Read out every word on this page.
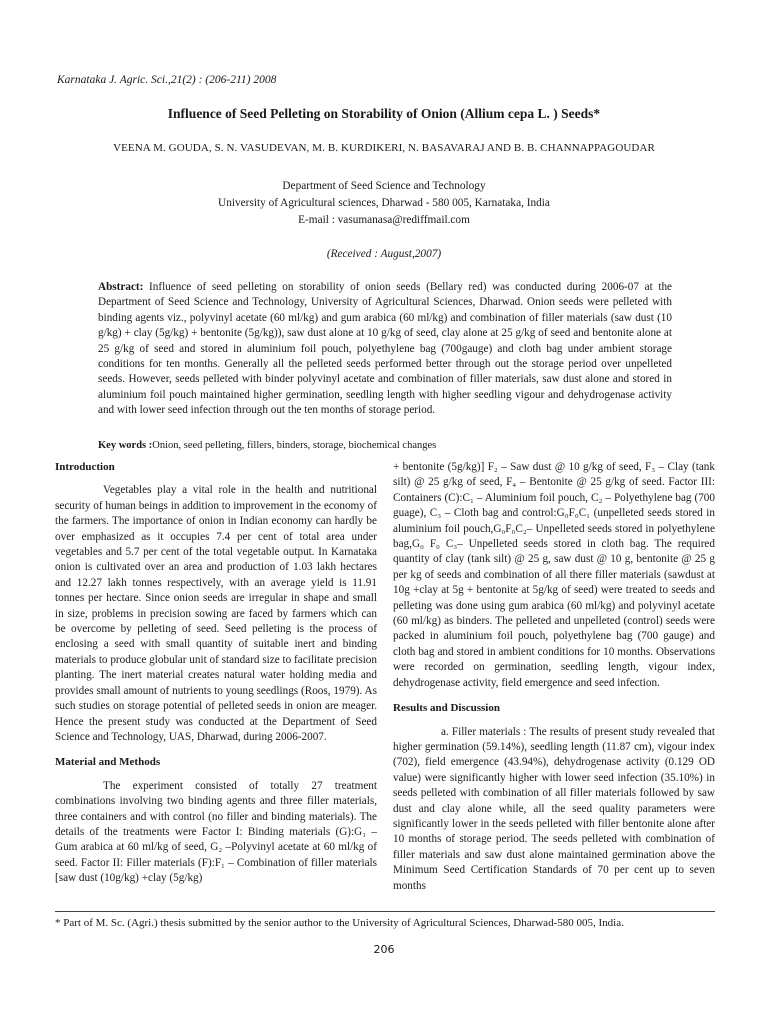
Karnataka J. Agric. Sci.,21(2) : (206-211) 2008
Influence of Seed Pelleting on Storability of Onion (Allium cepa L. ) Seeds*
VEENA M. GOUDA, S. N. VASUDEVAN, M. B. KURDIKERI, N. BASAVARAJ AND B. B. CHANNAPPAGOUDAR
Department of Seed Science and Technology
University of Agricultural sciences, Dharwad - 580 005, Karnataka, India
E-mail : vasumanasa@rediffmail.com
(Received : August,2007)
Abstract: Influence of seed pelleting on storability of onion seeds (Bellary red) was conducted during 2006-07 at the Department of Seed Science and Technology, University of Agricultural Sciences, Dharwad. Onion seeds were pelleted with binding agents viz., polyvinyl acetate (60 ml/kg) and gum arabica (60 ml/kg) and combination of filler materials (saw dust (10 g/kg) + clay (5g/kg) + bentonite (5g/kg)), saw dust alone at 10 g/kg of seed, clay alone at 25 g/kg of seed and bentonite alone at 25 g/kg of seed and stored in aluminium foil pouch, polyethylene bag (700gauge) and cloth bag under ambient storage conditions for ten months. Generally all the pelleted seeds performed better through out the storage period over unpelleted seeds. However, seeds pelleted with binder polyvinyl acetate and combination of filler materials, saw dust alone and stored in aluminium foil pouch maintained higher germination, seedling length with higher seedling vigour and dehydrogenase activity and with lower seed infection through out the ten months of storage period.
Key words :Onion, seed pelleting, fillers, binders, storage, biochemical changes
Introduction

Vegetables play a vital role in the health and nutritional security of human beings in addition to improvement in the economy of the farmers. The importance of onion in Indian economy can hardly be over emphasized as it occupies 7.4 per cent of total area under vegetables and 5.7 per cent of the total vegetable output. In Karnataka onion is cultivated over an area and production of 1.03 lakh hectares and 12.27 lakh tonnes respectively, with an average yield is 11.91 tonnes per hectare. Since onion seeds are irregular in shape and small in size, problems in precision sowing are faced by farmers which can be overcome by pelleting of seed. Seed pelleting is the process of enclosing a seed with small quantity of suitable inert and binding materials to produce globular unit of standard size to facilitate precision planting. The inert material creates natural water holding media and provides small amount of nutrients to young seedlings (Roos, 1979). As such studies on storage potential of pelleted seeds in onion are meager. Hence the present study was conducted at the Department of Seed Science and Technology, UAS, Dharwad, during 2006-2007.

Material and Methods

The experiment consisted of totally 27 treatment combinations involving two binding agents and three filler materials, three containers and with control (no filler and binding materials). The details of the treatments were Factor I: Binding materials (G):G₁ – Gum arabica at 60 ml/kg of seed, G₂ –Polyvinyl acetate at 60 ml/kg of seed. Factor II: Filler materials (F):F₁ – Combination of filler materials [saw dust (10g/kg) +clay (5g/kg)

+ bentonite (5g/kg)] F₂ – Saw dust @ 10 g/kg of seed, F₃ – Clay (tank silt) @ 25 g/kg of seed, F₄ – Bentonite @ 25 g/kg of seed. Factor III: Containers (C):C₁ – Aluminium foil pouch, C₂ – Polyethylene bag (700 guage), C₃ – Cloth bag and control:G₀F₀C₁ (unpelleted seeds stored in aluminium foil pouch,G₀F₀C₂– Unpelleted seeds stored in polyethylene bag,G₀ F₀ C₃– Unpelleted seeds stored in cloth bag. The required quantity of clay (tank silt) @ 25 g, saw dust @ 10 g, bentonite @ 25 g per kg of seeds and combination of all there filler materials (sawdust at 10g +clay at 5g + bentonite at 5g/kg of seed) were treated to seeds and pelleting was done using gum arabica (60 ml/kg) and polyvinyl acetate (60 ml/kg) as binders. The pelleted and unpelleted (control) seeds were packed in aluminium foil pouch, polyethylene bag (700 gauge) and cloth bag and stored in ambient conditions for 10 months. Observations were recorded on germination, seedling length, vigour index, dehydrogenase activity, field emergence and seed infection.

Results and Discussion

a. Filler materials : The results of present study revealed that higher germination (59.14%), seedling length (11.87 cm), vigour index (702), field emergence (43.94%), dehydrogenase activity (0.129 OD value) were significantly higher with lower seed infection (35.10%) in seeds pelleted with combination of all filler materials followed by saw dust and clay alone while, all the seed quality parameters were significantly lower in the seeds pelleted with filler bentonite alone after 10 months of storage period. The seeds pelleted with combination of filler materials and saw dust alone maintained germination above the Minimum Seed Certification Standards of 70 per cent up to seven months

* Part of M. Sc. (Agri.) thesis submitted by the senior author to the University of Agricultural Sciences, Dharwad-580 005, India.
206
